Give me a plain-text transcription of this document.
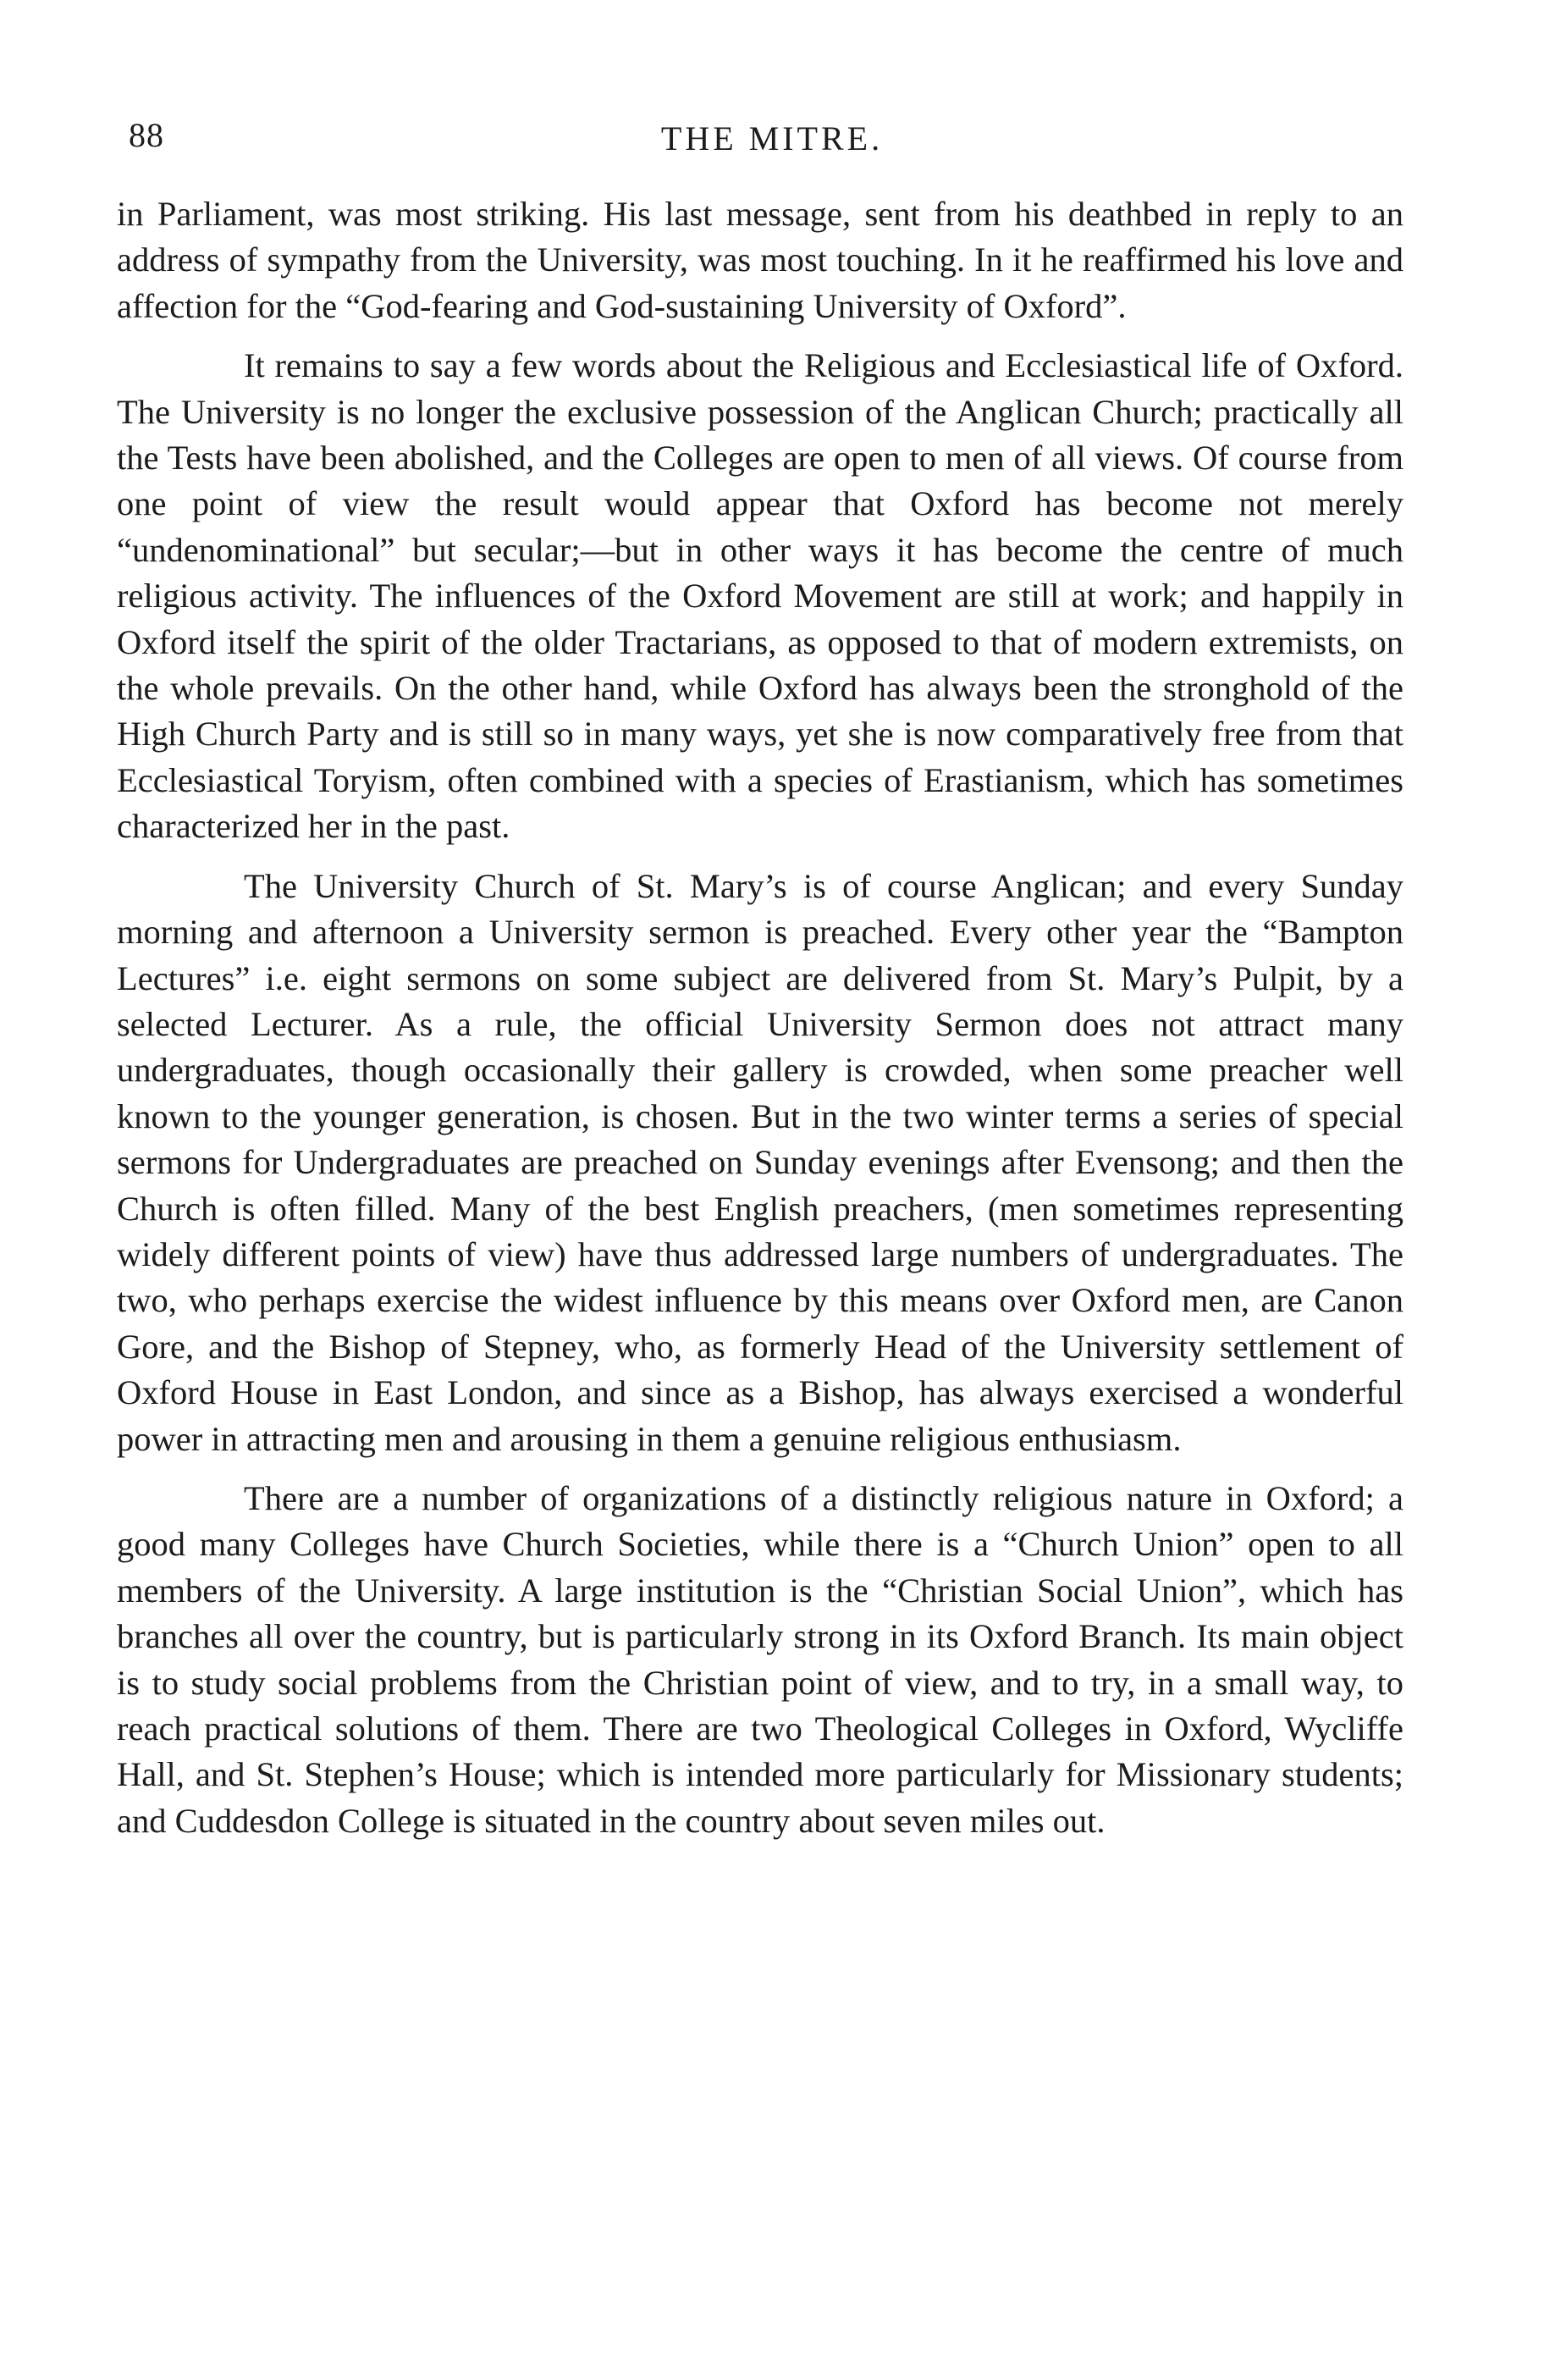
88	THE MITRE.

in Parliament, was most striking. His last message, sent from his deathbed in reply to an address of sympathy from the University, was most touching. In it he reaffirmed his love and affection for the “God-fearing and God-sustaining University of Oxford”.

It remains to say a few words about the Religious and Ecclesiastical life of Oxford. The University is no longer the exclusive possession of the Anglican Church; practically all the Tests have been abolished, and the Colleges are open to men of all views. Of course from one point of view the result would appear that Oxford has become not merely “undenominational” but secular;—but in other ways it has become the centre of much religious activity. The influences of the Oxford Movement are still at work; and happily in Oxford itself the spirit of the older Tractarians, as opposed to that of modern extremists, on the whole prevails. On the other hand, while Oxford has always been the stronghold of the High Church Party and is still so in many ways, yet she is now comparatively free from that Ecclesiastical Toryism, often combined with a species of Erastianism, which has sometimes characterized her in the past.

The University Church of St. Mary’s is of course Anglican; and every Sunday morning and afternoon a University sermon is preached. Every other year the “Bampton Lectures” i.e. eight sermons on some subject are delivered from St. Mary’s Pulpit, by a selected Lecturer. As a rule, the official University Sermon does not attract many undergraduates, though occasionally their gallery is crowded, when some preacher well known to the younger generation, is chosen. But in the two winter terms a series of special sermons for Undergraduates are preached on Sunday evenings after Evensong; and then the Church is often filled. Many of the best English preachers, (men sometimes representing widely different points of view) have thus addressed large numbers of undergraduates. The two, who perhaps exercise the widest influence by this means over Oxford men, are Canon Gore, and the Bishop of Stepney, who, as formerly Head of the University settlement of Oxford House in East London, and since as a Bishop, has always exercised a wonderful power in attracting men and arousing in them a genuine religious enthusiasm.

There are a number of organizations of a distinctly religious nature in Oxford; a good many Colleges have Church Societies, while there is a “Church Union” open to all members of the University. A large institution is the “Christian Social Union”, which has branches all over the country, but is particularly strong in its Oxford Branch. Its main object is to study social problems from the Christian point of view, and to try, in a small way, to reach practical solutions of them. There are two Theological Colleges in Oxford, Wycliffe Hall, and St. Stephen’s House; which is intended more particularly for Missionary students; and Cuddesdon College is situated in the country about seven miles out.
